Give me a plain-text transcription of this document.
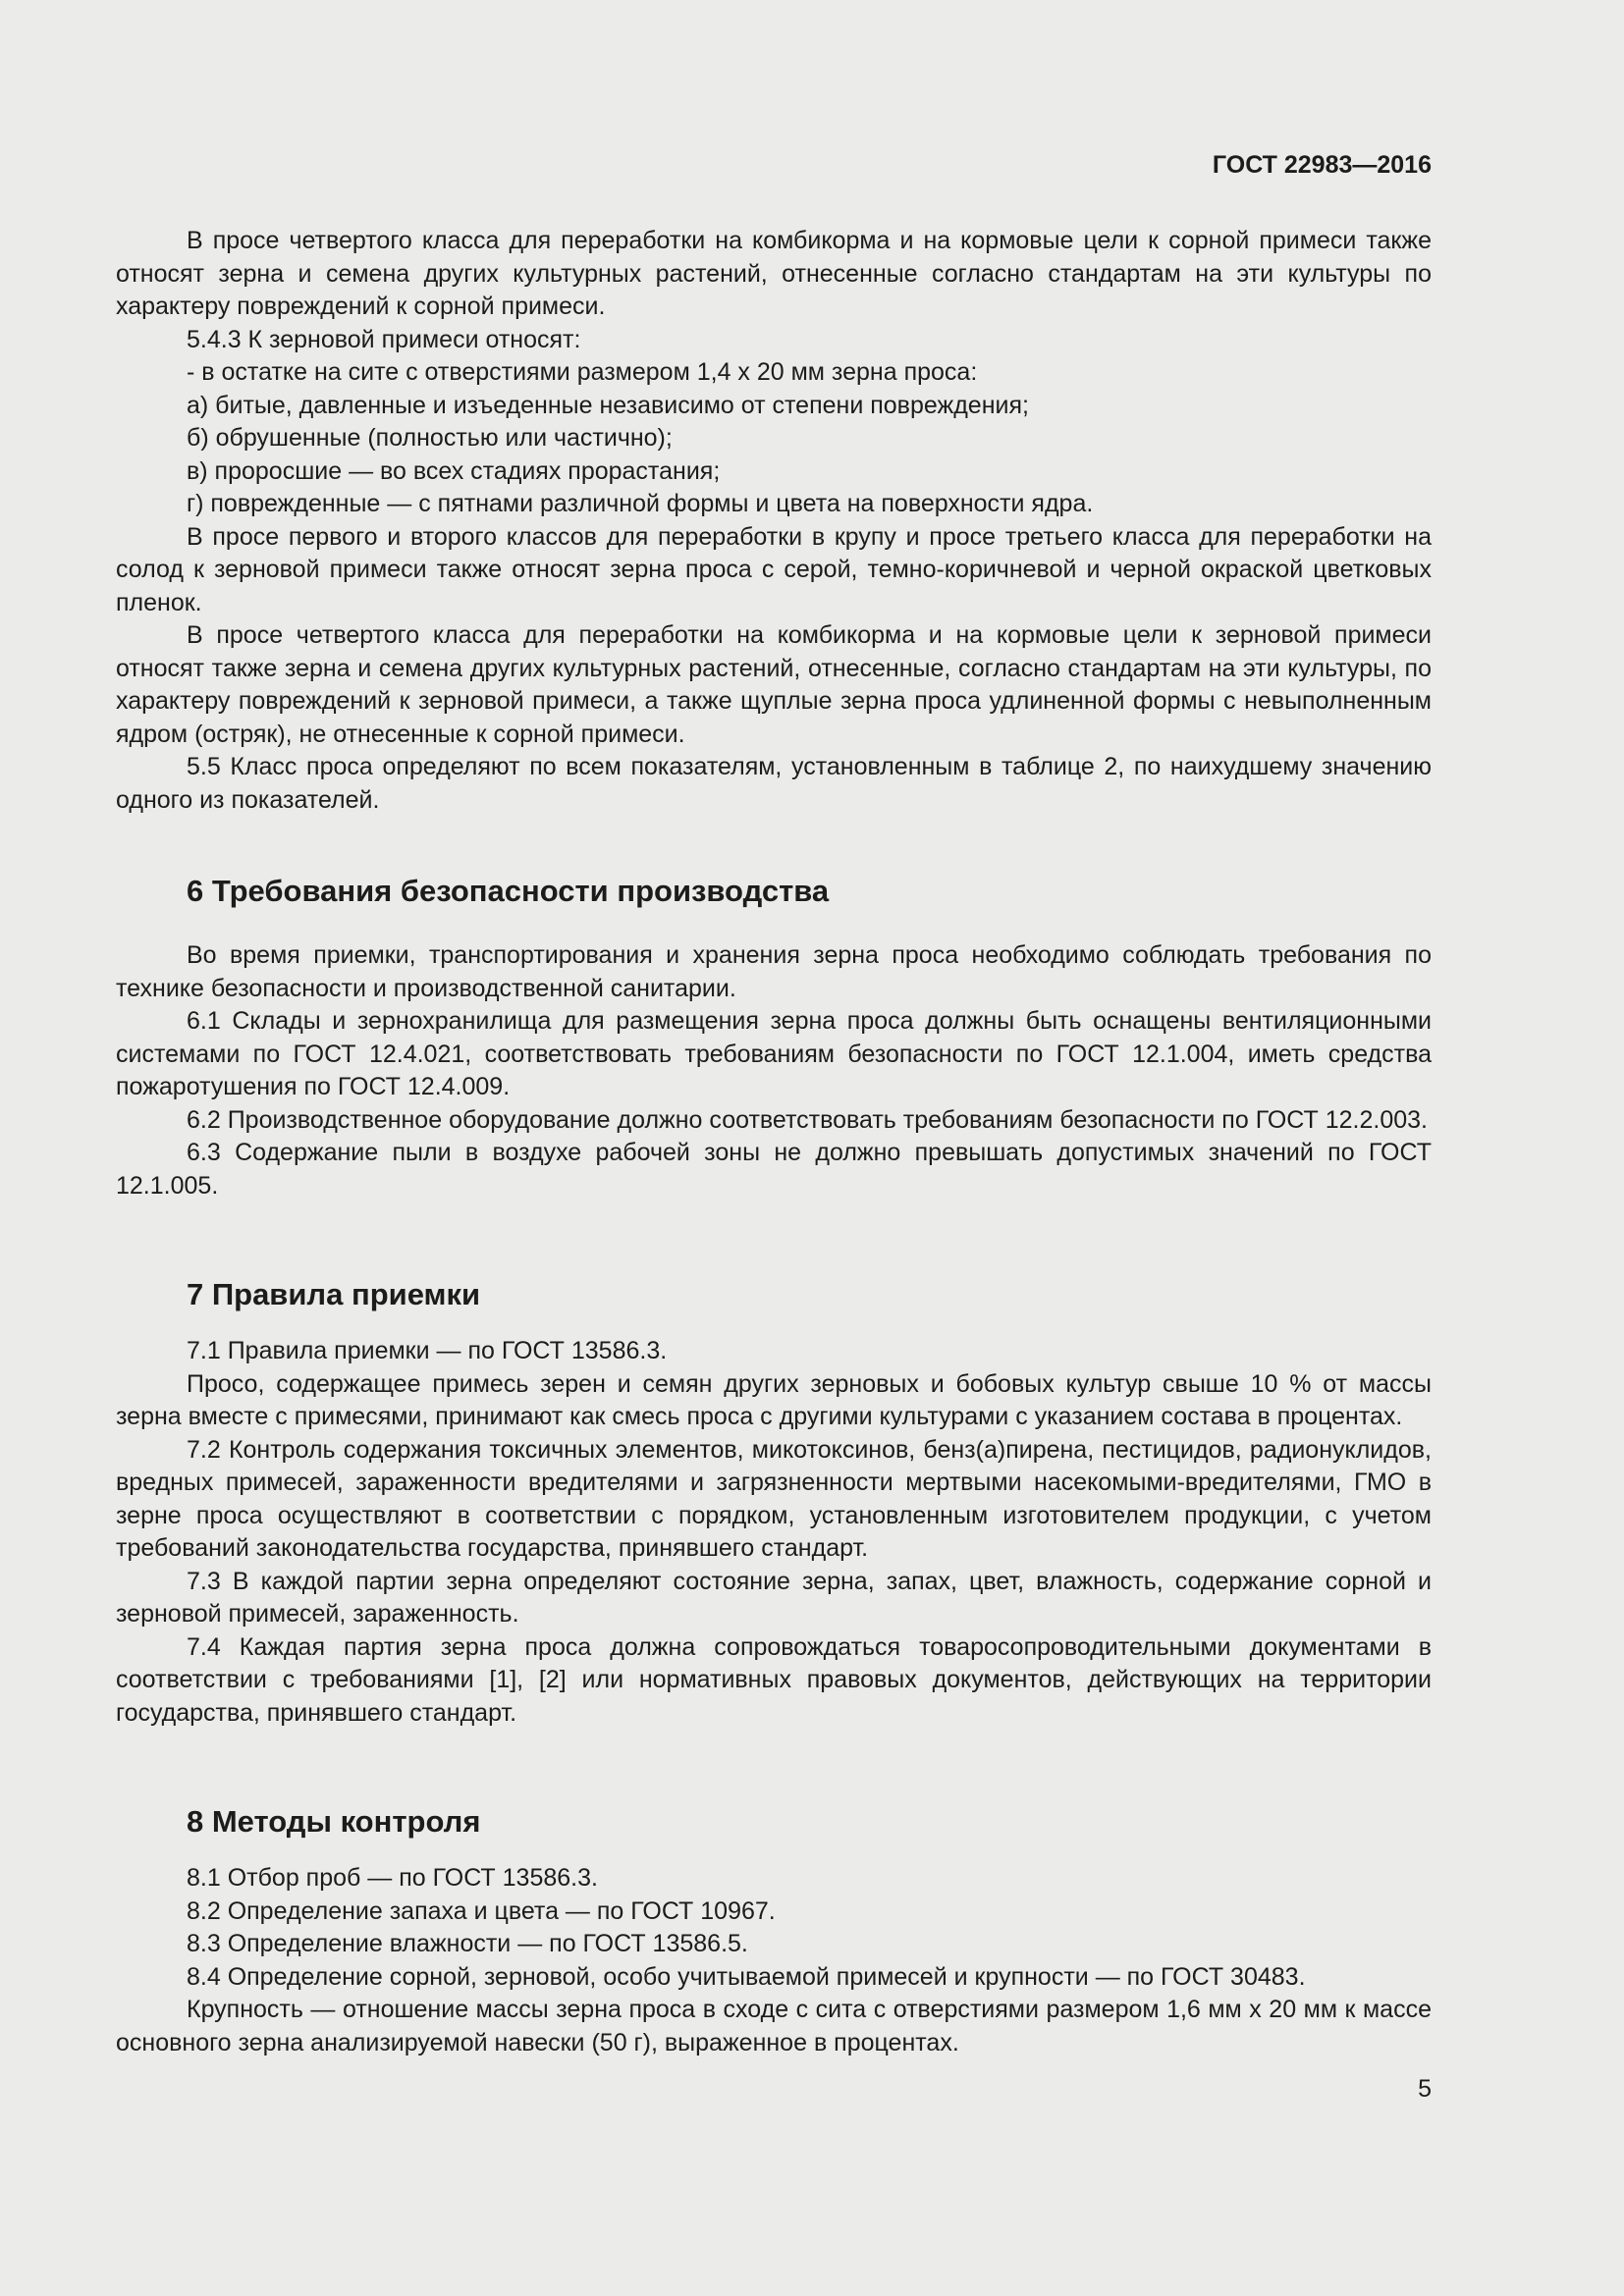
ГОСТ 22983—2016

В просе четвертого класса для переработки на комбикорма и на кормовые цели к сорной примеси также относят зерна и семена других культурных растений, отнесенные согласно стандартам на эти культуры по характеру повреждений к сорной примеси.

5.4.3 К зерновой примеси относят:

- в остатке на сите с отверстиями размером 1,4 х 20 мм зерна проса:

а) битые, давленные и изъеденные независимо от степени повреждения;

б) обрушенные (полностью или частично);

в) проросшие — во всех стадиях прорастания;

г) поврежденные — с пятнами различной формы и цвета на поверхности ядра.

В просе первого и второго классов для переработки в крупу и просе третьего класса для переработки на солод к зерновой примеси также относят зерна проса с серой, темно-коричневой и черной окраской цветковых пленок.

В просе четвертого класса для переработки на комбикорма и на кормовые цели к зерновой примеси относят также зерна и семена других культурных растений, отнесенные, согласно стандартам на эти культуры, по характеру повреждений к зерновой примеси, а также щуплые зерна проса удлиненной формы с невыполненным ядром (остряк), не отнесенные к сорной примеси.

5.5 Класс проса определяют по всем показателям, установленным в таблице 2, по наихудшему значению одного из показателей.

6 Требования безопасности производства

Во время приемки, транспортирования и хранения зерна проса необходимо соблюдать требования по технике безопасности и производственной санитарии.

6.1 Склады и зернохранилища для размещения зерна проса должны быть оснащены вентиляционными системами по ГОСТ 12.4.021, соответствовать требованиям безопасности по ГОСТ 12.1.004, иметь средства пожаротушения по ГОСТ 12.4.009.

6.2 Производственное оборудование должно соответствовать требованиям безопасности по ГОСТ 12.2.003.

6.3 Содержание пыли в воздухе рабочей зоны не должно превышать допустимых значений по ГОСТ 12.1.005.

7 Правила приемки

7.1 Правила приемки — по ГОСТ 13586.3.

Просо, содержащее примесь зерен и семян других зерновых и бобовых культур свыше 10 % от массы зерна вместе с примесями, принимают как смесь проса с другими культурами с указанием состава в процентах.

7.2 Контроль содержания токсичных элементов, микотоксинов, бенз(а)пирена, пестицидов, радионуклидов, вредных примесей, зараженности вредителями и загрязненности мертвыми насекомыми-вредителями, ГМО в зерне проса осуществляют в соответствии с порядком, установленным изготовителем продукции, с учетом требований законодательства государства, принявшего стандарт.

7.3 В каждой партии зерна определяют состояние зерна, запах, цвет, влажность, содержание сорной и зерновой примесей, зараженность.

7.4 Каждая партия зерна проса должна сопровождаться товаросопроводительными документами в соответствии с требованиями [1], [2] или нормативных правовых документов, действующих на территории государства, принявшего стандарт.

8 Методы контроля

8.1 Отбор проб — по ГОСТ 13586.3.

8.2 Определение запаха и цвета — по ГОСТ 10967.

8.3 Определение влажности — по ГОСТ 13586.5.

8.4 Определение сорной, зерновой, особо учитываемой примесей и крупности — по ГОСТ 30483.

Крупность — отношение массы зерна проса в сходе с сита с отверстиями размером 1,6 мм х 20 мм к массе основного зерна анализируемой навески (50 г), выраженное в процентах.

5
